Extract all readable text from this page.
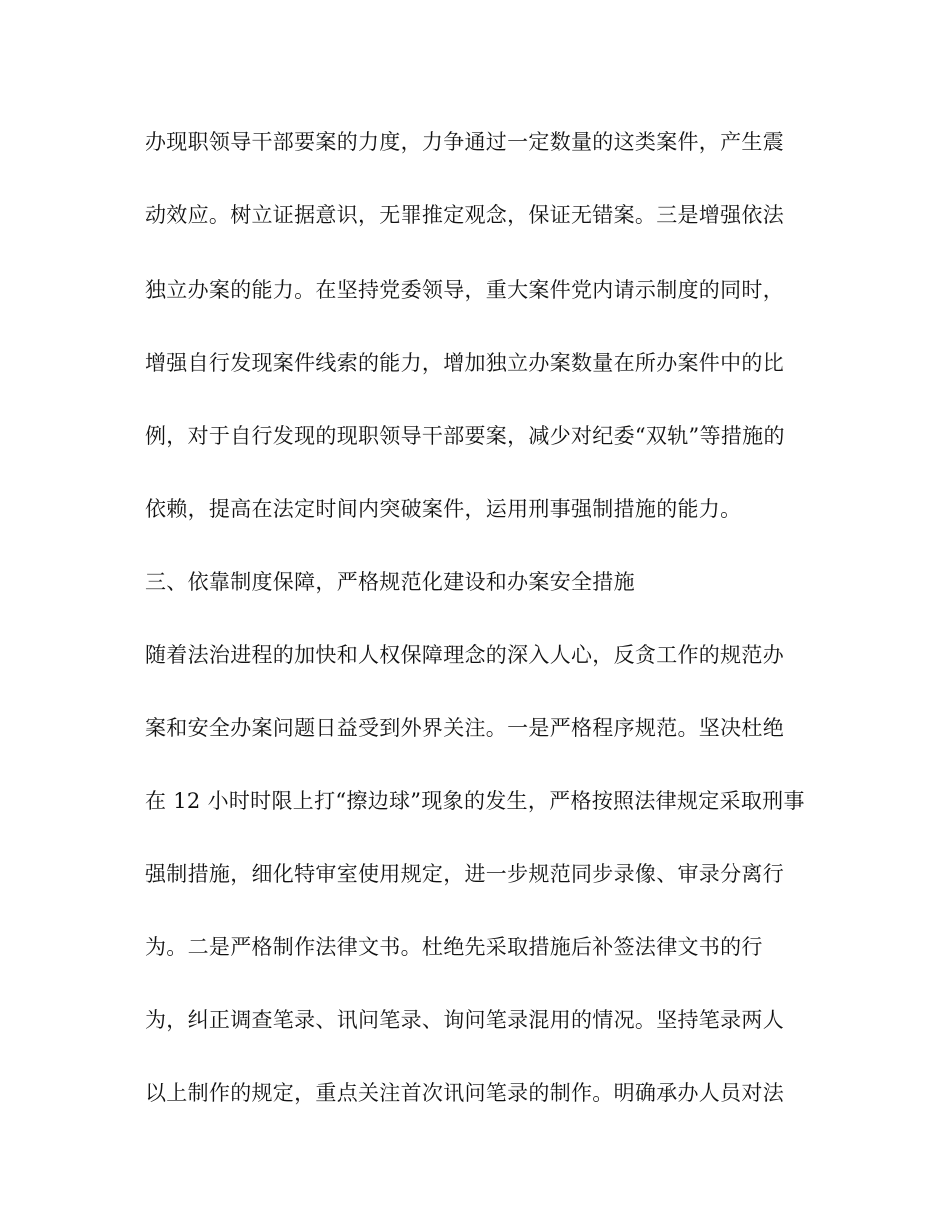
办现职领导干部要案的力度，力争通过一定数量的这类案件，产生震
动效应。树立证据意识，无罪推定观念，保证无错案。三是增强依法
独立办案的能力。在坚持党委领导，重大案件党内请示制度的同时，
增强自行发现案件线索的能力，增加独立办案数量在所办案件中的比
例，对于自行发现的现职领导干部要案，减少对纪委“双轨”等措施的
依赖，提高在法定时间内突破案件，运用刑事强制措施的能力。
三、依靠制度保障，严格规范化建设和办案安全措施
随着法治进程的加快和人权保障理念的深入人心，反贪工作的规范办
案和安全办案问题日益受到外界关注。一是严格程序规范。坚决杜绝
在 12 小时时限上打“擦边球”现象的发生，严格按照法律规定采取刑事
强制措施，细化特审室使用规定，进一步规范同步录像、审录分离行
为。二是严格制作法律文书。杜绝先采取措施后补签法律文书的行
为，纠正调查笔录、讯问笔录、询问笔录混用的情况。坚持笔录两人
以上制作的规定，重点关注首次讯问笔录的制作。明确承办人员对法
